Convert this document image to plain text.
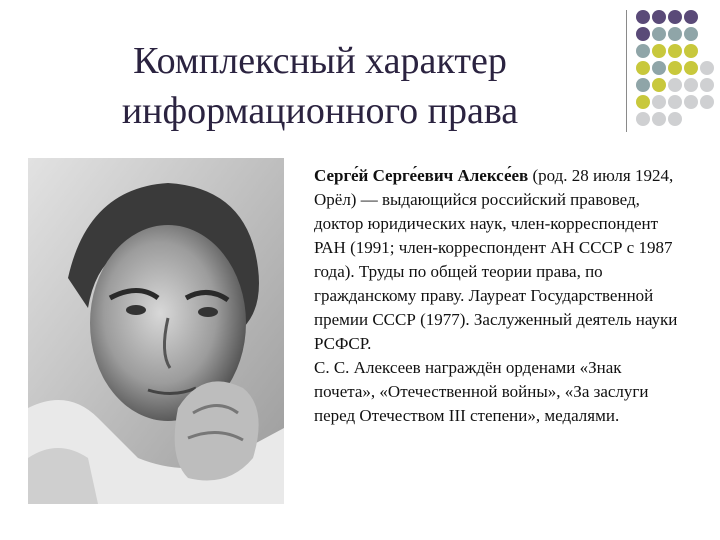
Комплексный характер
информационного права

Серге́й Серге́евич Алексе́ев (род. 28 июля 1924, Орёл) — выдающийся российский правовед, доктор юридических наук, член-корреспондент РАН (1991; член-корреспондент АН СССР с 1987 года). Труды по общей теории права, по гражданскому праву. Лауреат Государственной премии СССР (1977). Заслуженный деятель науки РСФСР.

С. С. Алексеев награждён орденами «Знак почета», «Отечественной войны», «За заслуги перед Отечеством III степени», медалями.
